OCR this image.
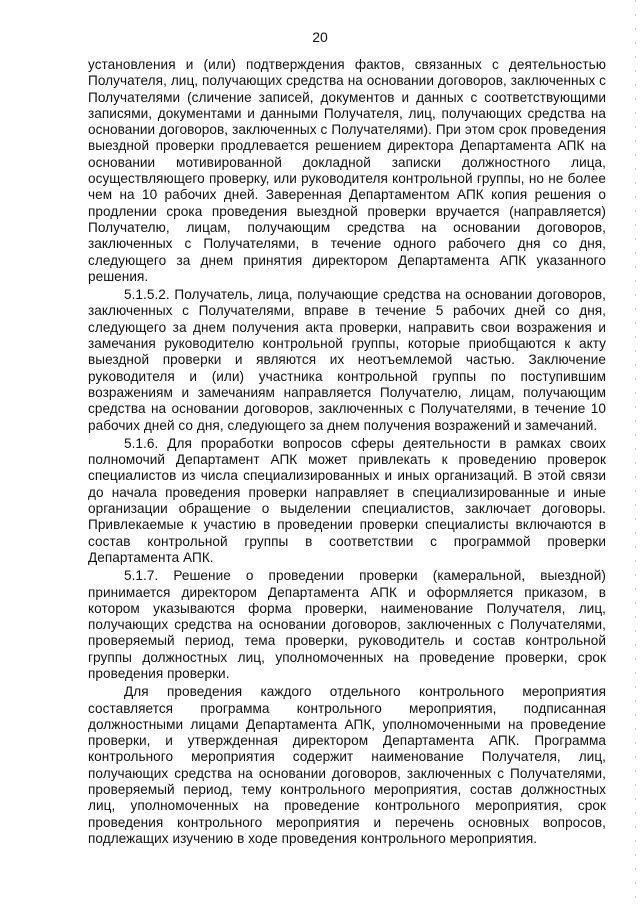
20

установления и (или) подтверждения фактов, связанных с деятельностью Получателя, лиц, получающих средства на основании договоров, заключенных с Получателями (сличение записей, документов и данных с соответствующими записями, документами и данными Получателя, лиц, получающих средства на основании договоров, заключенных с Получателями). При этом срок проведения выездной проверки продлевается решением директора Департамента АПК на основании мотивированной докладной записки должностного лица, осуществляющего проверку, или руководителя контрольной группы, но не более чем на 10 рабочих дней. Заверенная Департаментом АПК копия решения о продлении срока проведения выездной проверки вручается (направляется) Получателю, лицам, получающим средства на основании договоров, заключенных с Получателями, в течение одного рабочего дня со дня, следующего за днем принятия директором Департамента АПК указанного решения.

5.1.5.2. Получатель, лица, получающие средства на основании договоров, заключенных с Получателями, вправе в течение 5 рабочих дней со дня, следующего за днем получения акта проверки, направить свои возражения и замечания руководителю контрольной группы, которые приобщаются к акту выездной проверки и являются их неотъемлемой частью. Заключение руководителя и (или) участника контрольной группы по поступившим возражениям и замечаниям направляется Получателю, лицам, получающим средства на основании договоров, заключенных с Получателями, в течение 10 рабочих дней со дня, следующего за днем получения возражений и замечаний.

5.1.6. Для проработки вопросов сферы деятельности в рамках своих полномочий Департамент АПК может привлекать к проведению проверок специалистов из числа специализированных и иных организаций. В этой связи до начала проведения проверки направляет в специализированные и иные организации обращение о выделении специалистов, заключает договоры. Привлекаемые к участию в проведении проверки специалисты включаются в состав контрольной группы в соответствии с программой проверки Департамента АПК.

5.1.7. Решение о проведении проверки (камеральной, выездной) принимается директором Департамента АПК и оформляется приказом, в котором указываются форма проверки, наименование Получателя, лиц, получающих средства на основании договоров, заключенных с Получателями, проверяемый период, тема проверки, руководитель и состав контрольной группы должностных лиц, уполномоченных на проведение проверки, срок проведения проверки.

Для проведения каждого отдельного контрольного мероприятия составляется программа контрольного мероприятия, подписанная должностными лицами Департамента АПК, уполномоченными на проведение проверки, и утвержденная директором Департамента АПК. Программа контрольного мероприятия содержит наименование Получателя, лиц, получающих средства на основании договоров, заключенных с Получателями, проверяемый период, тему контрольного мероприятия, состав должностных лиц, уполномоченных на проведение контрольного мероприятия, срок проведения контрольного мероприятия и перечень основных вопросов, подлежащих изучению в ходе проведения контрольного мероприятия.
